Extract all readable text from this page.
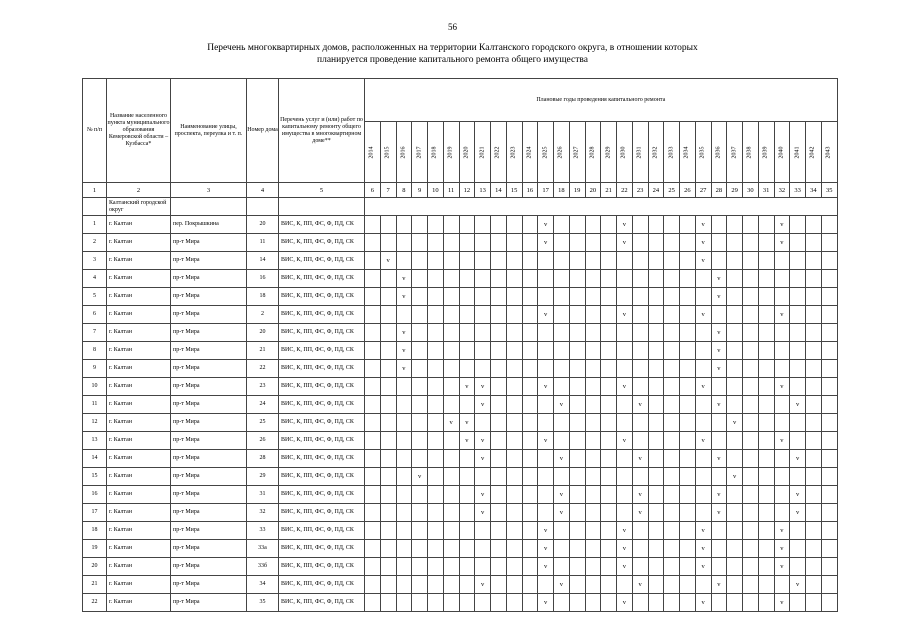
56
Перечень многоквартирных домов, расположенных на территории Калтанского городского округа, в отношении которых
планируется проведение капитального ремонта общего имущества
№ п/п	Название населенного пункта муниципального образования Кемеровской области – Кузбасса*	Наименование улицы, проспекта, переулка и т. п.	Номер дома	Перечень услуг и (или) работ по капитальному ремонту общего имущества в многоквартирном доме**	Плановые годы проведения капитального ремонта																													
					2014	2015	2016	2017	2018	2019	2020	2021	2022	2023	2024	2025	2026	2027	2028	2029	2030	2031	2032	2033	2034	2035	2036	2037	2038	2039	2040	2041	2042	2043
1	2	3	4	5	6	7	8	9	10	11	12	13	14	15	16	17	18	19	20	21	22	23	24	25	26	27	28	29	30	31	32	33	34	35
	Калтанский городской округ																																	
1	г. Калтан	пер. Покрышкина	20	ВИС, К, ПП, ФС, Ф, ПД, СК												v					v					v					v			
2	г. Калтан	пр-т Мира	11	ВИС, К, ПП, ФС, Ф, ПД, СК												v					v					v					v			
3	г. Калтан	пр-т Мира	14	ВИС, К, ПП, ФС, Ф, ПД, СК		v																				v								
4	г. Калтан	пр-т Мира	16	ВИС, К, ПП, ФС, Ф, ПД, СК			v																				v							
5	г. Калтан	пр-т Мира	18	ВИС, К, ПП, ФС, Ф, ПД, СК			v																				v							
6	г. Калтан	пр-т Мира	2	ВИС, К, ПП, ФС, Ф, ПД, СК												v					v					v					v			
7	г. Калтан	пр-т Мира	20	ВИС, К, ПП, ФС, Ф, ПД, СК			v																				v							
8	г. Калтан	пр-т Мира	21	ВИС, К, ПП, ФС, Ф, ПД, СК			v																				v							
9	г. Калтан	пр-т Мира	22	ВИС, К, ПП, ФС, Ф, ПД, СК			v																				v							
10	г. Калтан	пр-т Мира	23	ВИС, К, ПП, ФС, Ф, ПД, СК							v	v				v					v					v					v			
11	г. Калтан	пр-т Мира	24	ВИС, К, ПП, ФС, Ф, ПД, СК								v					v					v					v					v		
12	г. Калтан	пр-т Мира	25	ВИС, К, ПП, ФС, Ф, ПД, СК						v	v																	v						
13	г. Калтан	пр-т Мира	26	ВИС, К, ПП, ФС, Ф, ПД, СК							v	v				v					v					v					v			
14	г. Калтан	пр-т Мира	28	ВИС, К, ПП, ФС, Ф, ПД, СК								v					v					v					v					v		
15	г. Калтан	пр-т Мира	29	ВИС, К, ПП, ФС, Ф, ПД, СК				v																				v						
16	г. Калтан	пр-т Мира	31	ВИС, К, ПП, ФС, Ф, ПД, СК								v					v					v					v					v		
17	г. Калтан	пр-т Мира	32	ВИС, К, ПП, ФС, Ф, ПД, СК								v					v					v					v					v		
18	г. Калтан	пр-т Мира	33	ВИС, К, ПП, ФС, Ф, ПД, СК												v					v					v					v			
19	г. Калтан	пр-т Мира	33а	ВИС, К, ПП, ФС, Ф, ПД, СК												v					v					v					v			
20	г. Калтан	пр-т Мира	33б	ВИС, К, ПП, ФС, Ф, ПД, СК												v					v					v					v			
21	г. Калтан	пр-т Мира	34	ВИС, К, ПП, ФС, Ф, ПД, СК								v					v					v					v					v		
22	г. Калтан	пр-т Мира	35	ВИС, К, ПП, ФС, Ф, ПД, СК												v					v					v					v			
